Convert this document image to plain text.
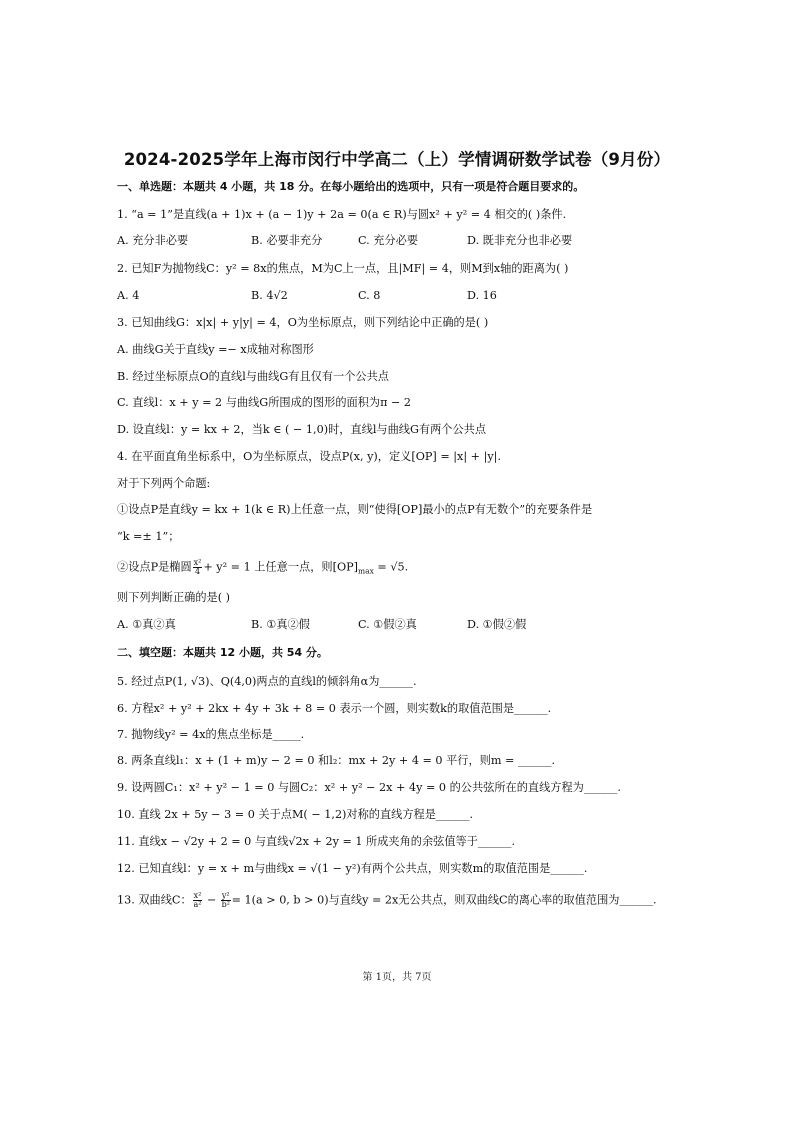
2024-2025学年上海市闵行中学高二（上）学情调研数学试卷（9月份）
一、单选题：本题共 4 小题，共 18 分。在每小题给出的选项中，只有一项是符合题目要求的。
1. “a = 1”是直线(a + 1)x + (a − 1)y + 2a = 0(a ∈ R)与圆x² + y² = 4 相交的( )条件.
A. 充分非必要	B. 必要非充分	C. 充分必要	D. 既非充分也非必要
2. 已知F为抛物线C：y² = 8x的焦点，M为C上一点，且|MF| = 4，则M到x轴的距离为( )
A. 4	B. 4√2	C. 8	D. 16
3. 已知曲线G：x|x| + y|y| = 4，O为坐标原点，则下列结论中正确的是( )
A. 曲线G关于直线y =− x成轴对称图形
B. 经过坐标原点O的直线l与曲线G有且仅有一个公共点
C. 直线l：x + y = 2 与曲线G所围成的图形的面积为π − 2
D. 设直线l：y = kx + 2，当k ∈ ( − 1,0)时，直线l与曲线G有两个公共点
4. 在平面直角坐标系中，O为坐标原点，设点P(x, y)，定义[OP] = |x| + |y|.
对于下列两个命题:
①设点P是直线y = kx + 1(k ∈ R)上任意一点，则“使得[OP]最小的点P有无数个”的充要条件是
“k =± 1”；
②设点P是椭圆 $\frac{\text{x²}}{4} + y^2 = 1$ 上任意一点，则$[OP]_{max} = √5$.
则下列判断正确的是( )
A. ①真②真	B. ①真②假	C. ①假②真	D. ①假②假
二、填空题：本题共 12 小题，共 54 分。
5. 经过点P(1, √3)、Q(4,0)两点的直线l的倾斜角α为______.
6. 方程x² + y² + 2kx + 4y + 3k + 8 = 0 表示一个圆，则实数k的取值范围是______.
7. 抛物线y² = 4x的焦点坐标是_____.
8. 两条直线l₁：x + (1 + m)y − 2 = 0 和l₂：mx + 2y + 4 = 0 平行，则m = ______.
9. 设两圆C₁：x² + y² − 1 = 0 与圆C₂：x² + y² − 2x + 4y = 0 的公共弦所在的直线方程为______.
10. 直线 2x + 5y − 3 = 0 关于点M( − 1,2)对称的直线方程是______.
11. 直线x − √2y + 2 = 0 与直线√2x + 2y = 1 所成夹角的余弦值等于______.
12. 已知直线l：y = x + m与曲线x = √(1 − y²)有两个公共点，则实数m的取值范围是______.
13. 双曲线C： $\frac{\text{x²}}{\text{a²}} - \frac{\text{y²}}{\text{b²}} = 1(a > 0$, b > 0)与直线y = 2x无公共点，则双曲线C的离心率的取值范围为______.
第 1页，共 7页
